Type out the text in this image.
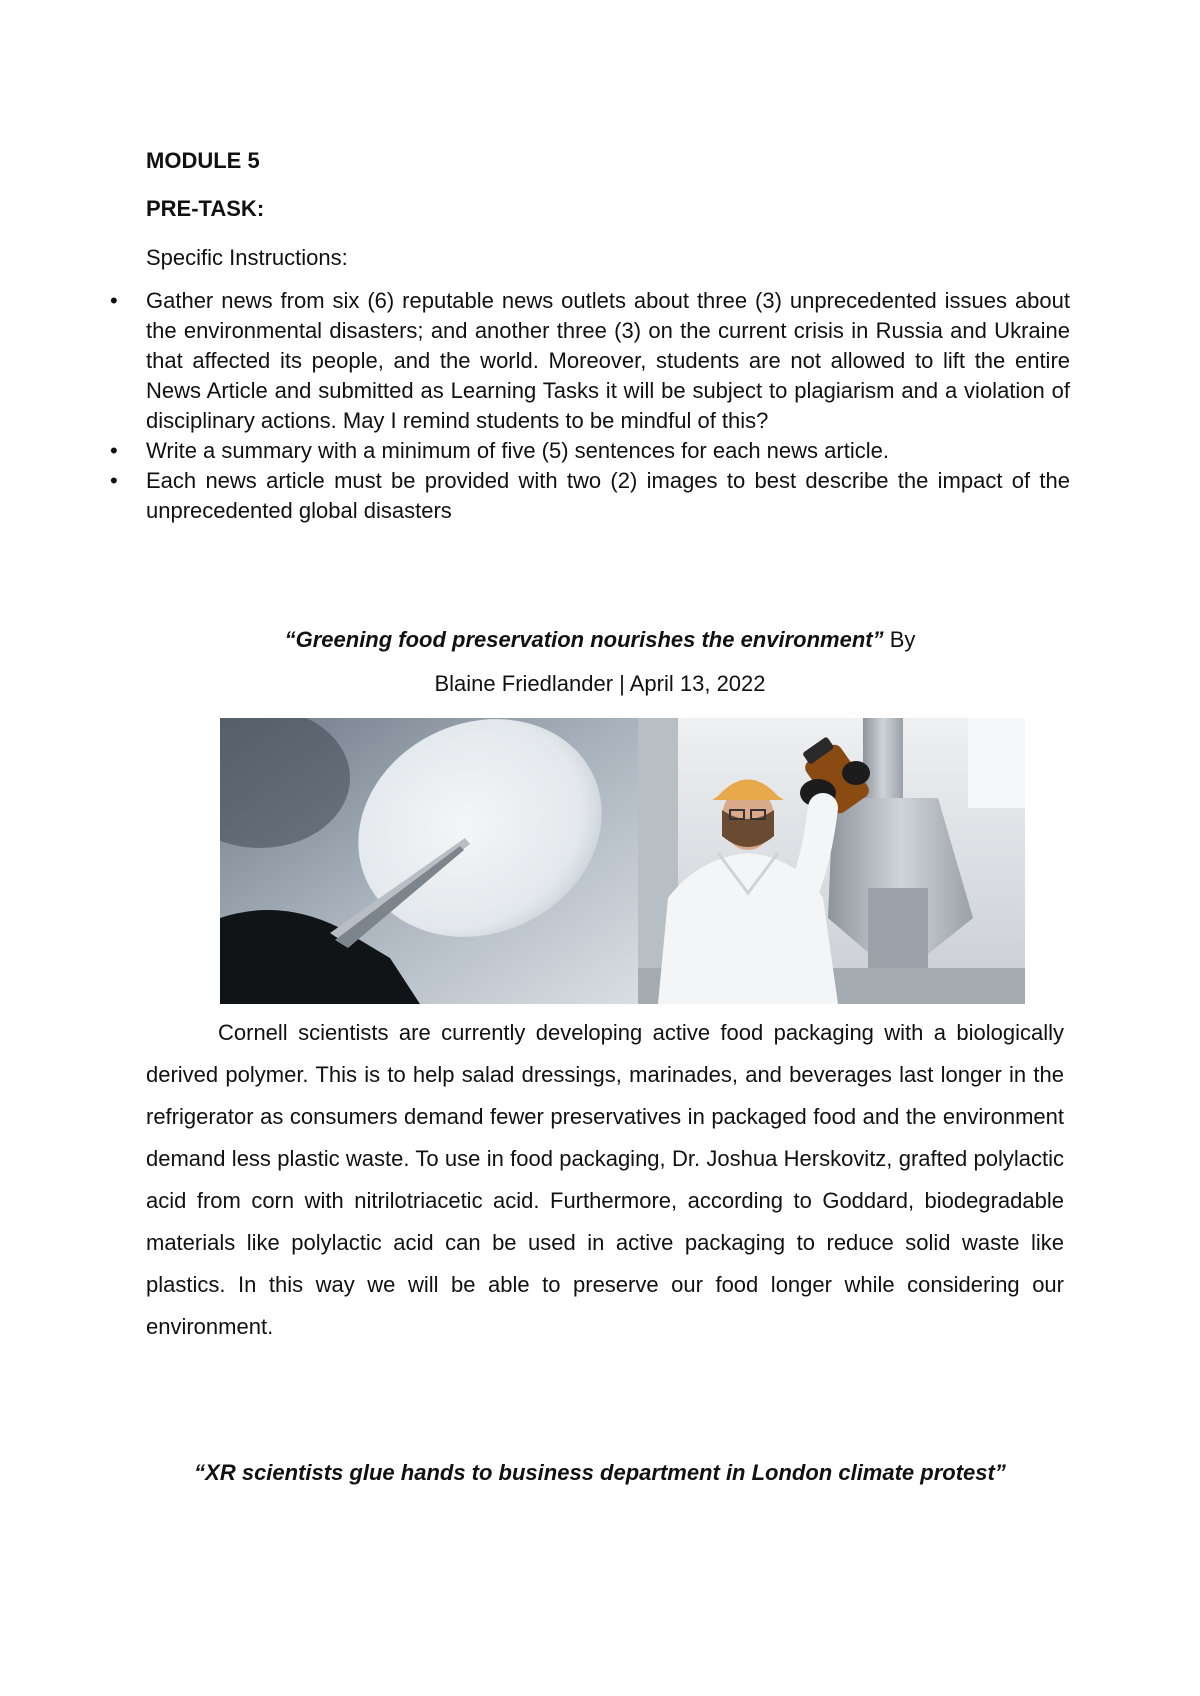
MODULE 5
PRE-TASK:
Specific Instructions:
•	Gather news from six (6) reputable news outlets about three (3) unprecedented issues about the environmental disasters; and another three (3) on the current crisis in Russia and Ukraine that affected its people, and the world. Moreover, students are not allowed to lift the entire News Article and submitted as Learning Tasks it will be subject to plagiarism and a violation of disciplinary actions. May I remind students to be mindful of this?
•	Write a summary with a minimum of five (5) sentences for each news article.
•	Each news article must be provided with two (2) images to best describe the impact of the unprecedented global disasters
“Greening food preservation nourishes the environment” By
Blaine Friedlander | April 13, 2022

Cornell scientists are currently developing active food packaging with a biologically derived polymer. This is to help salad dressings, marinades, and beverages last longer in the refrigerator as consumers demand fewer preservatives in packaged food and the environment demand less plastic waste. To use in food packaging, Dr. Joshua Herskovitz, grafted polylactic acid from corn with nitrilotriacetic acid. Furthermore, according to Goddard, biodegradable materials like polylactic acid can be used in active packaging to reduce solid waste like plastics. In this way we will be able to preserve our food longer while considering our environment.

“XR scientists glue hands to business department in London climate protest”
